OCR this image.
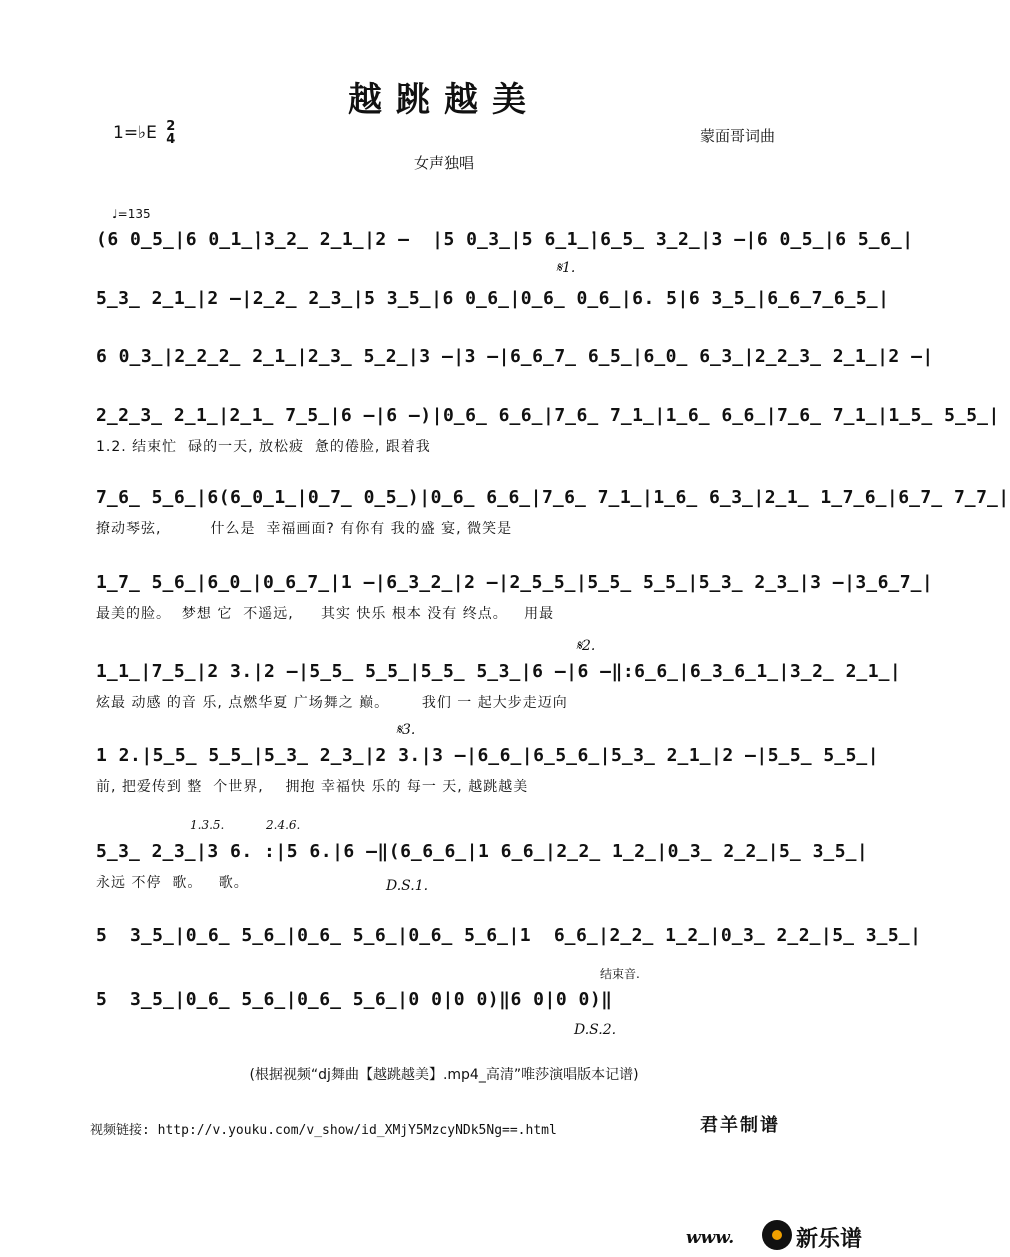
越跳越美
1=♭E 2
4	蒙面哥词曲
女声独唱
♩=135
(6 0̲5̲|6 0̲1̲̇|3̲2̲ 2̲1̲|2 –  |5 0̲3̲|5 6̲1̲̇|6̲5̲ 3̲2̲|3 –|6 0̲5̲|6 5̲6̲|
𝄋1.
5̲3̲ 2̲1̲|2 –|2̲2̲ 2̲3̲|5 3̲5̲|6 0̲6̲|0̲6̲ 0̲6̲|6. 5|6 3̲5̲|6̲6̲7̲6̲5̲|
6 0̲3̲|2̲2̲2̲ 2̲1̲|2̲3̲ 5̲2̲|3 –|3 –|6̲6̲7̲ 6̲5̲|6̲0̲ 6̲3̲|2̲2̲3̲ 2̲1̲|2 –|
2̲2̲3̲ 2̲1̲|2̲1̲ 7̲5̲|6 –|6 –)|0̲6̲ 6̲6̲|7̲6̲ 7̲1̲|1̲6̲ 6̲6̲|7̲6̲ 7̲1̲|1̲5̲ 5̲5̲|
1.2. 结束忙  碌的一天, 放松疲  惫的倦脸, 跟着我
7̲6̲ 5̲6̲|6(6̲0̲1̲|0̲7̲ 0̲5̲)|0̲6̲ 6̲6̲|7̲6̲ 7̲1̲|1̲6̲ 6̲3̲|2̲1̲ 1̲7̲6̲|6̲7̲ 7̲7̲|
撩动琴弦,         什么是  幸福画面? 有你有 我的盛 宴, 微笑是
1̲7̲ 5̲6̲|6̲0̲|0̲6̲7̲|1 –|6̲3̲2̲|2 –|2̲5̲5̲|5̲5̲ 5̲5̲|5̲3̲ 2̲3̲|3 –|3̲6̲7̲|
最美的脸。  梦想 它  不遥远,     其实 快乐 根本 没有 终点。   用最
1̲1̲|7̲5̲|2 3.|2 –|5̲5̲ 5̲5̲|5̲5̲ 5̲3̲|6 –|6 –‖:6̲6̲|6̲3̲6̲1̲|3̲2̲ 2̲1̲|
炫最 动感 的音 乐, 点燃华夏 广场舞之 巅。      我们 一 起大步走迈向
𝄋2.
1 2.|5̲5̲ 5̲5̲|5̲3̲ 2̲3̲|2 3.|3 –|6̲6̲|6̲5̲6̲|5̲3̲ 2̲1̲|2 –|5̲5̲ 5̲5̲|
前, 把爱传到 整  个世界,    拥抱 幸福快 乐的 每一 天, 越跳越美
𝄋3.
5̲3̲ 2̲3̲|3 6. :|5 6.|6 –‖(6̲6̲6̲|1 6̲6̲|2̲2̲ 1̲2̲|0̲3̲ 2̲2̲|5̲ 3̲5̲|
永远 不停  歌。   歌。	D.S.1.
5  3̲5̲|0̲6̲ 5̲6̲|0̲6̲ 5̲6̲|0̲6̲ 5̲6̲|1  6̲6̲|2̲2̲ 1̲2̲|0̲3̲ 2̲2̲|5̲ 3̲5̲|
5  3̲5̲|0̲6̲ 5̲6̲|0̲6̲ 5̲6̲|0 0|0 0)‖6 0|0 0)‖
D.S.2.
1.3.5.	2.4.6.
结束音.
(根据视频“dj舞曲【越跳越美】.mp4_高清”唯莎演唱版本记谱)
视频链接: http://v.youku.com/v_show/id_XMjY5MzcyNDk5Ng==.html	君羊制谱
www.	新乐谱
